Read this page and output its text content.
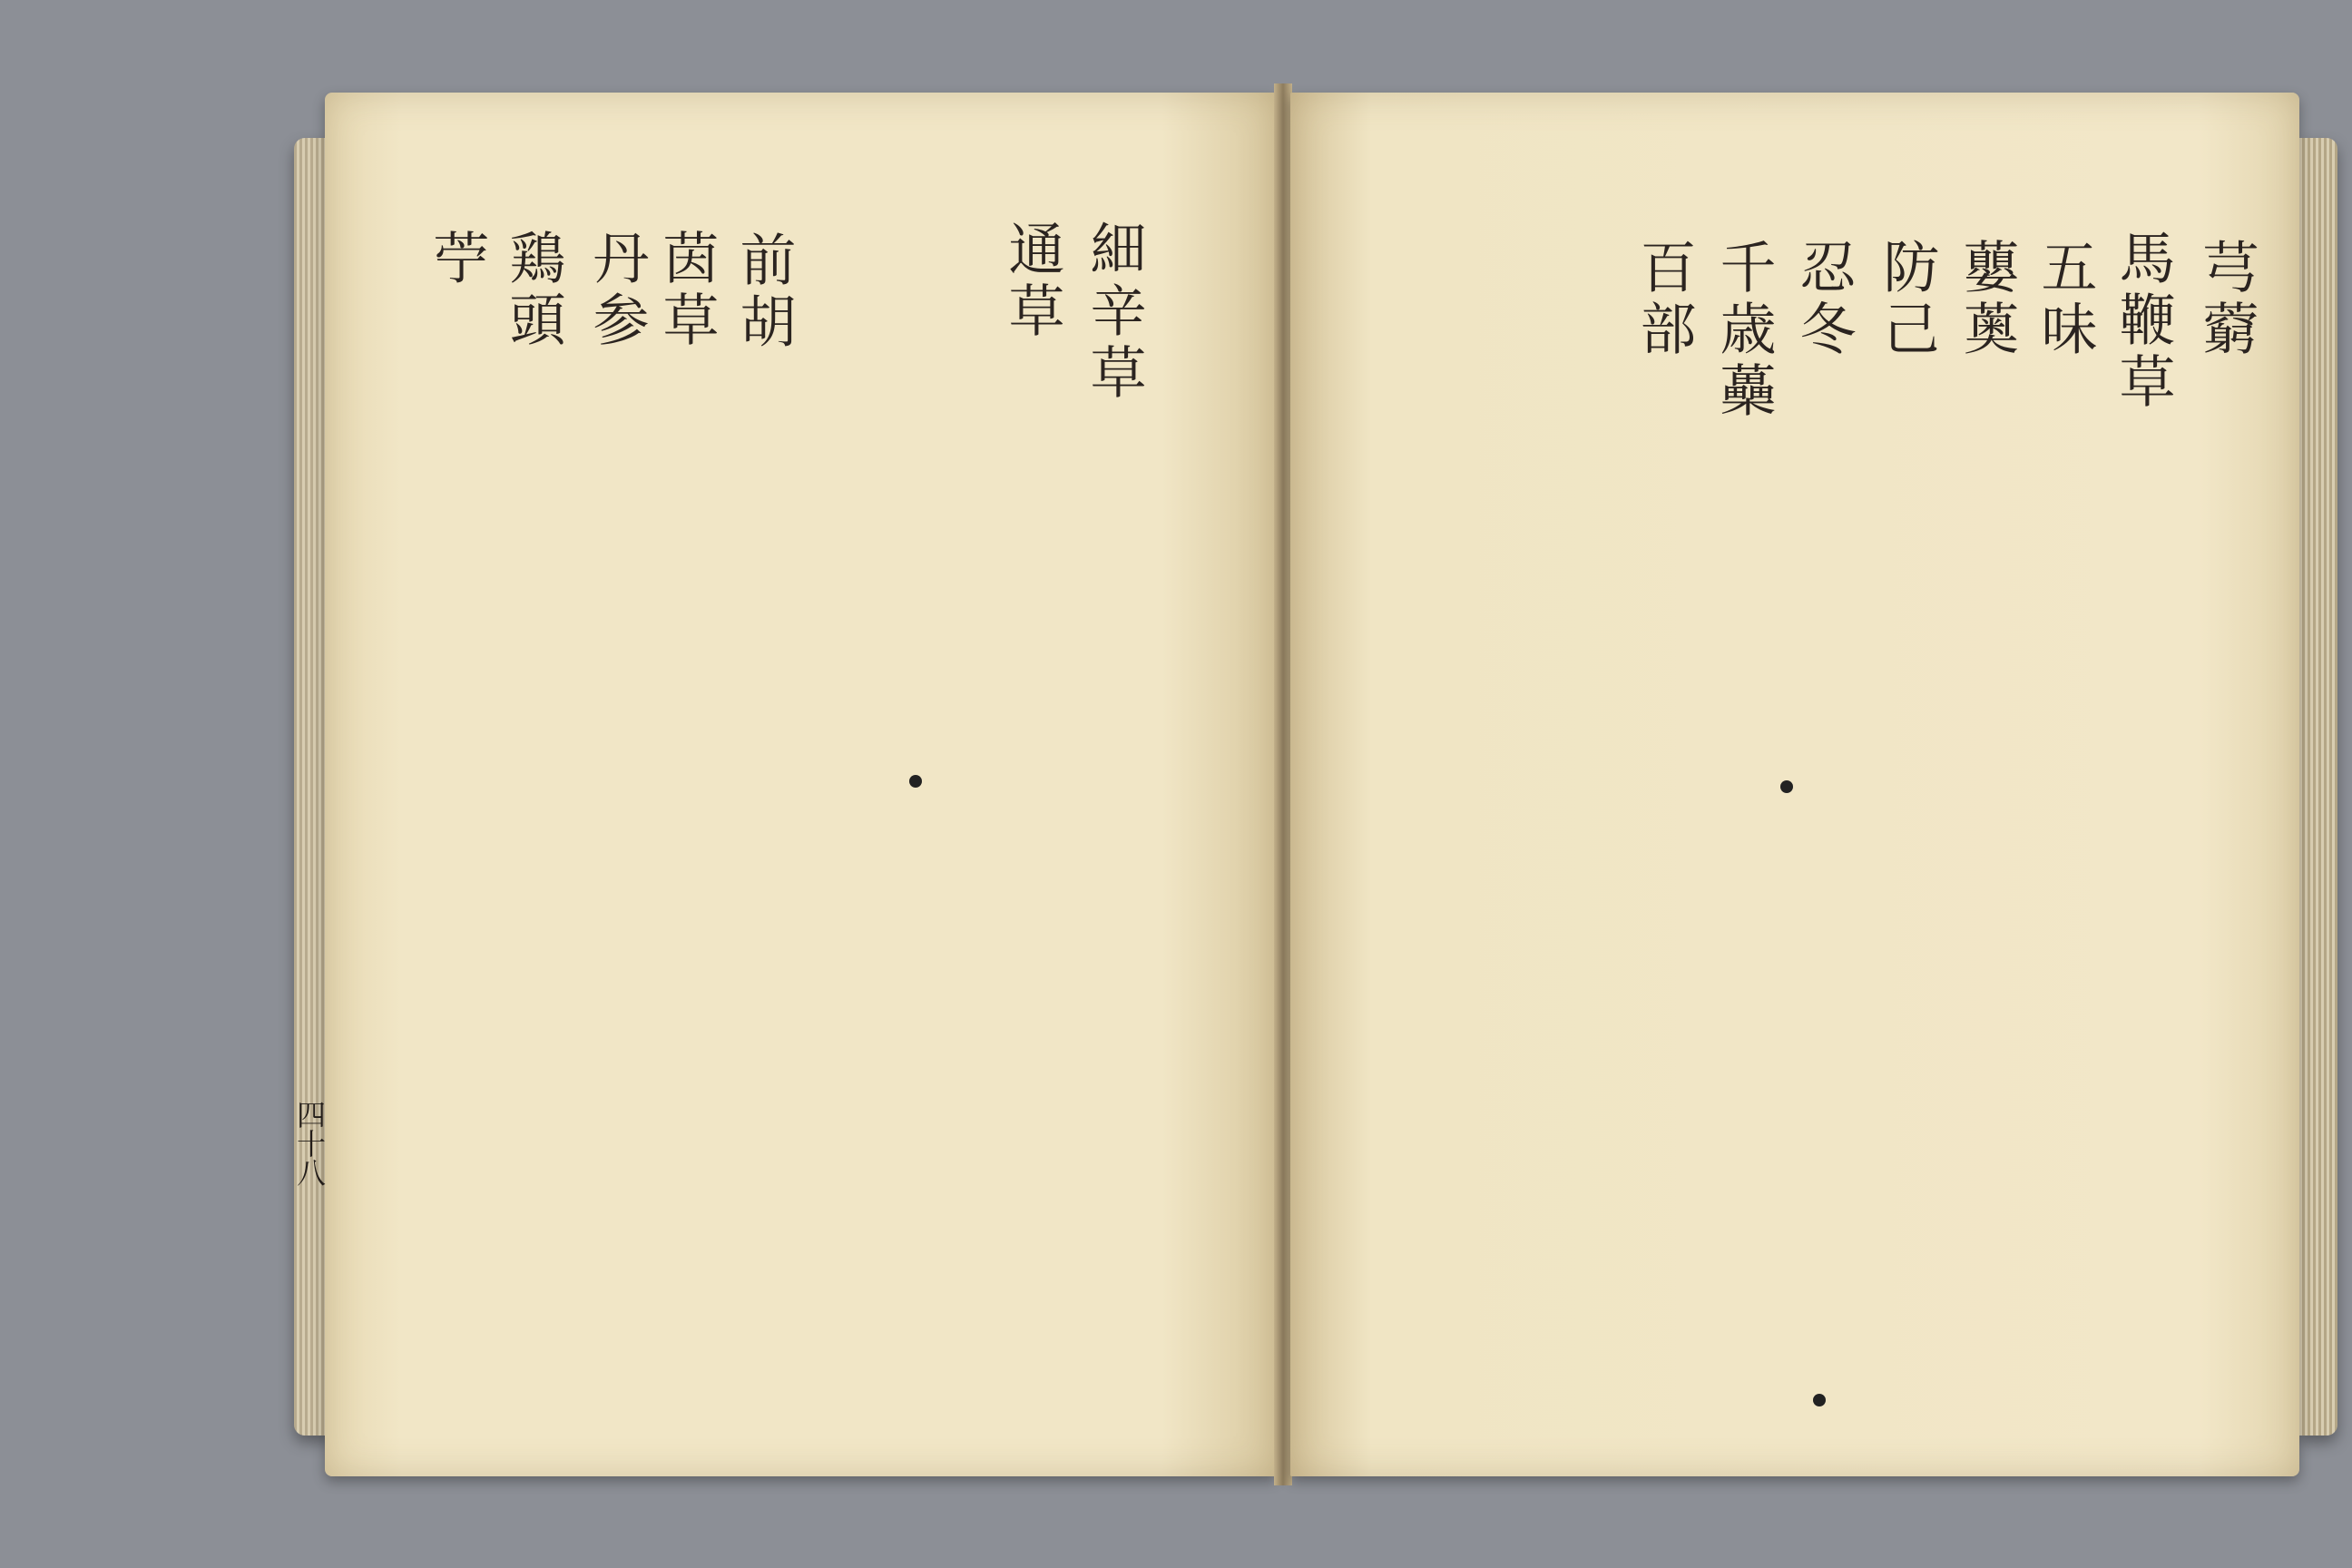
細辛草
通草
前胡
茵草
丹参
鶏頭
苧	芎藭
馬鞭草
五味
蘡薁
防己
忍冬
千歳蘽
百部
四十八
